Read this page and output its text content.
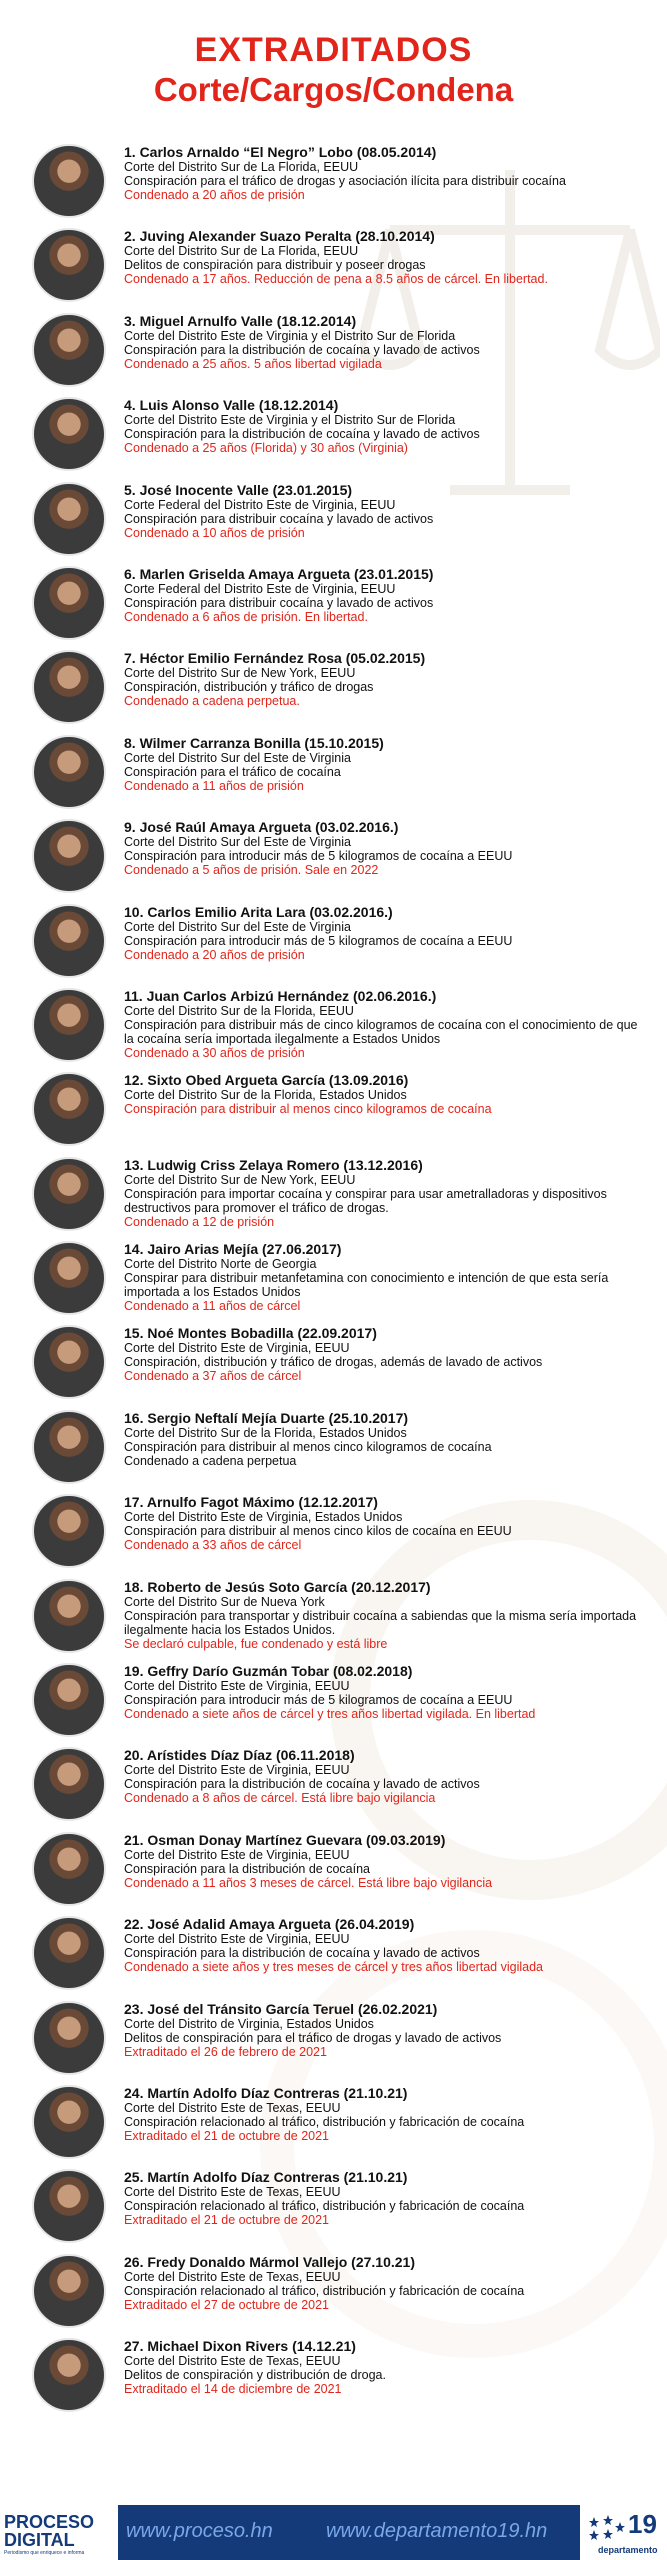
EXTRADITADOS
Corte/Cargos/Condena
1. Carlos Arnaldo “El Negro” Lobo (08.05.2014)
Corte del Distrito Sur de La Florida, EEUU
Conspiración para el tráfico de drogas y asociación ilícita para distribuir cocaína
Condenado a 20 años de prisión
2. Juving Alexander Suazo Peralta (28.10.2014)
Corte del Distrito Sur de La Florida, EEUU
Delitos de conspiración para distribuir y poseer drogas
Condenado a 17 años. Reducción de pena a 8.5 años de cárcel. En libertad.
3. Miguel Arnulfo Valle (18.12.2014)
Corte del Distrito Este de Virginia y el Distrito Sur de Florida
Conspiración para la distribución de cocaína y lavado de activos
Condenado a 25 años. 5 años libertad vigilada
4. Luis Alonso Valle (18.12.2014)
Corte del Distrito Este de Virginia y el Distrito Sur de Florida
Conspiración para la distribución de cocaína y lavado de activos
Condenado a 25 años (Florida) y 30 años (Virginia)
5. José Inocente Valle (23.01.2015)
Corte Federal del Distrito Este de Virginia, EEUU
Conspiración para distribuir cocaína y lavado de activos
Condenado a 10 años de prisión
6. Marlen Griselda Amaya Argueta (23.01.2015)
Corte Federal del Distrito Este de Virginia, EEUU
Conspiración para distribuir cocaína y lavado de activos
Condenado a 6 años de prisión. En libertad.
7. Héctor Emilio Fernández Rosa (05.02.2015)
Corte del Distrito Sur de New York, EEUU
Conspiración, distribución y tráfico de drogas
Condenado a cadena perpetua.
8. Wilmer Carranza Bonilla (15.10.2015)
Corte del Distrito Sur del Este de Virginia
Conspiración para el tráfico de cocaína
Condenado a 11 años de prisión
9. José Raúl Amaya Argueta (03.02.2016.)
Corte del Distrito Sur del Este de Virginia
Conspiración para introducir más de 5 kilogramos de cocaína a EEUU
Condenado a 5 años de prisión. Sale en 2022
10. Carlos Emilio Arita Lara (03.02.2016.)
Corte del Distrito Sur del Este de Virginia
Conspiración para introducir más de 5 kilogramos de cocaína a EEUU
Condenado a 20 años de prisión
11. Juan Carlos Arbizú Hernández (02.06.2016.)
Corte del Distrito Sur de la Florida, EEUU
Conspiración para distribuir más de cinco kilogramos de cocaína con el conocimiento de que la cocaína sería importada ilegalmente a Estados Unidos
Condenado a 30 años de prisión
12. Sixto Obed Argueta García (13.09.2016)
Corte del Distrito Sur de la Florida, Estados Unidos
Conspiración para distribuir al menos cinco kilogramos de cocaína
13. Ludwig Criss Zelaya Romero (13.12.2016)
Corte del Distrito Sur de New York, EEUU
Conspiración para importar cocaína y conspirar para usar ametralladoras y dispositivos destructivos para promover el tráfico de drogas.
Condenado a 12 de prisión
14. Jairo Arias Mejía (27.06.2017)
Corte del Distrito Norte de Georgia
Conspirar para distribuir metanfetamina con conocimiento e intención de que esta sería importada a los Estados Unidos
Condenado a 11 años de cárcel
15. Noé Montes Bobadilla (22.09.2017)
Corte del Distrito Este de Virginia, EEUU
Conspiración, distribución y tráfico de drogas, además de lavado de activos
Condenado a 37 años de cárcel
16. Sergio Neftalí Mejía Duarte (25.10.2017)
Corte del Distrito Sur de la Florida, Estados Unidos
Conspiración para distribuir al menos cinco kilogramos de cocaína
Condenado a cadena perpetua
17. Arnulfo Fagot Máximo (12.12.2017)
Corte del Distrito Este de Virginia, Estados Unidos
Conspiración para distribuir al menos cinco kilos de cocaína en EEUU
Condenado a 33 años de cárcel
18. Roberto de Jesús Soto García (20.12.2017)
Corte del Distrito Sur de Nueva York
Conspiración para transportar y distribuir cocaína a sabiendas que la misma sería importada ilegalmente hacia los Estados Unidos.
Se declaró culpable, fue condenado y está libre
19. Geffry Darío Guzmán Tobar (08.02.2018)
Corte del Distrito Este de Virginia, EEUU
Conspiración para introducir más de 5 kilogramos de cocaína a EEUU
Condenado a siete años de cárcel y tres años libertad vigilada. En libertad
20. Arístides Díaz Díaz (06.11.2018)
Corte del Distrito Este de Virginia, EEUU
Conspiración para la distribución de cocaína y lavado de activos
Condenado a 8 años de cárcel. Está libre bajo vigilancia
21. Osman Donay Martínez Guevara (09.03.2019)
Corte del Distrito Este de Virginia, EEUU
Conspiración para la distribución de cocaína
Condenado a 11 años 3 meses de cárcel. Está libre bajo vigilancia
22. José Adalid Amaya Argueta (26.04.2019)
Corte del Distrito Este de Virginia, EEUU
Conspiración para la distribución de cocaína y lavado de activos
Condenado a siete años y tres meses de cárcel y tres años libertad vigilada
23. José del Tránsito García Teruel (26.02.2021)
Corte del Distrito de Virginia, Estados Unidos
Delitos de conspiración para el tráfico de drogas y lavado de activos
Extraditado el 26 de febrero de 2021
24. Martín Adolfo Díaz Contreras (21.10.21)
Corte del Distrito Este de Texas, EEUU
Conspiración relacionado al tráfico, distribución y fabricación de cocaína
Extraditado el 21 de octubre de 2021
25. Martín Adolfo Díaz Contreras (21.10.21)
Corte del Distrito Este de Texas, EEUU
Conspiración relacionado al tráfico, distribución y fabricación de cocaína
Extraditado el 21 de octubre de 2021
26. Fredy Donaldo Mármol Vallejo (27.10.21)
Corte del Distrito Este de Texas, EEUU
Conspiración relacionado al tráfico, distribución y fabricación de cocaína
Extraditado el 27 de octubre de 2021
27. Michael Dixon Rivers (14.12.21)
Corte del Distrito Este de Texas, EEUU
Delitos de conspiración y distribución de droga.
Extraditado el 14 de diciembre de 2021
PROCESO DIGITAL
Periodismo que enriquece e informa
www.proceso.hn	www.departamento19.hn	19
departamento
